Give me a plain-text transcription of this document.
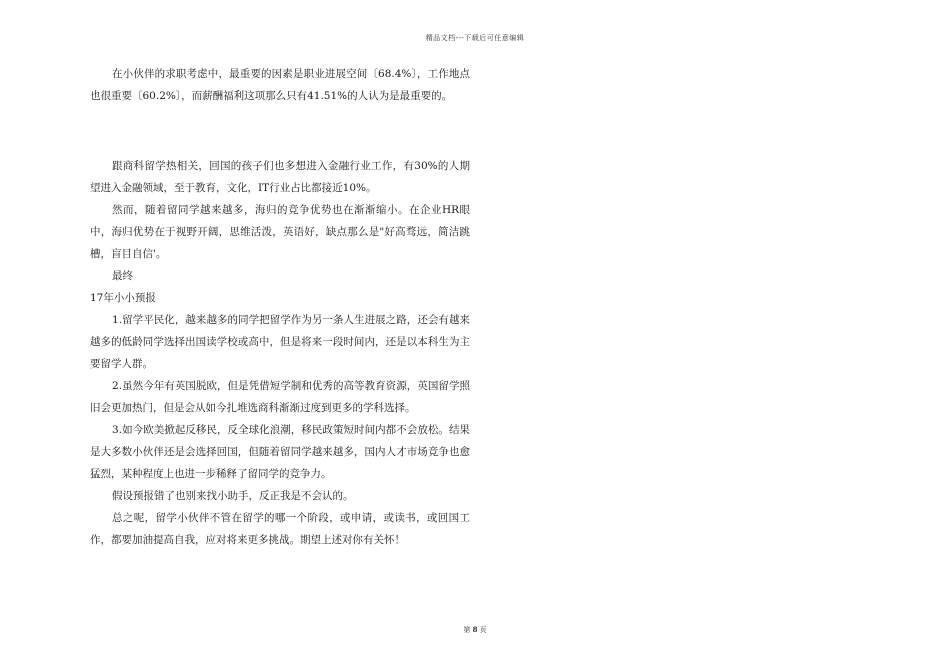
精品文档---下载后可任意编辑

在小伙伴的求职考虑中，最重要的因素是职业进展空间〔68.4%〕，工作地点也很重要〔60.2%〕，而薪酬福利这项那么只有41.51%的人认为是最重要的。

跟商科留学热相关，回国的孩子们也多想进入金融行业工作，有30%的人期望进入金融领域，至于教育，文化，IT行业占比都接近10%。

然而，随着留同学越来越多，海归的竞争优势也在渐渐缩小。在企业HR眼中，海归优势在于视野开阔，思维活泼，英语好，缺点那么是"好高骛远，简洁跳槽，盲目自信'。

最终

17年小小预报

1.留学平民化，越来越多的同学把留学作为另一条人生进展之路，还会有越来越多的低龄同学选择出国读学校或高中，但是将来一段时间内，还是以本科生为主要留学人群。

2.虽然今年有英国脱欧，但是凭借短学制和优秀的高等教育资源，英国留学照旧会更加热门，但是会从如今扎堆选商科渐渐过度到更多的学科选择。

3.如今欧美掀起反移民，反全球化浪潮，移民政策短时间内都不会放松。结果是大多数小伙伴还是会选择回国，但随着留同学越来越多，国内人才市场竞争也愈猛烈，某种程度上也进一步稀释了留同学的竞争力。

假设预报错了也别来找小助手，反正我是不会认的。

总之呢，留学小伙伴不管在留学的哪一个阶段，或申请，或读书，或回国工作，都要加油提高自我，应对将来更多挑战。期望上述对你有关怀！

第 8 页
